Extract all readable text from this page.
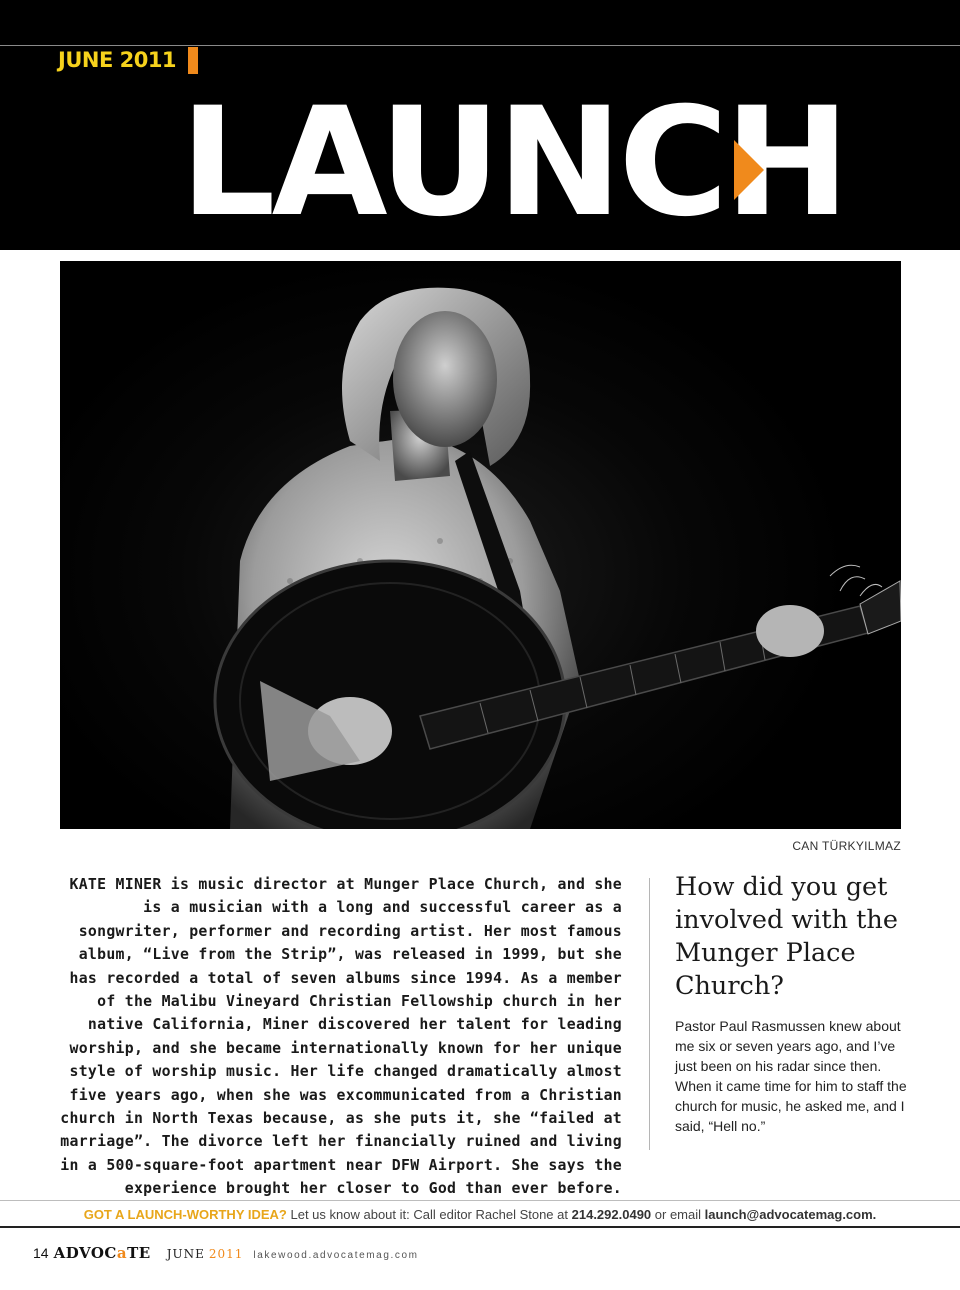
JUNE 2011
LAUNCH
CAN TÜRKYILMAZ
KATE MINER is music director at Munger Place Church, and she is a musician with a long and successful career as a songwriter, performer and recording artist. Her most famous album, “Live from the Strip”, was released in 1999, but she has recorded a total of seven albums since 1994. As a member of the Malibu Vineyard Christian Fellowship church in her native California, Miner discovered her talent for leading worship, and she became internationally known for her unique style of worship music. Her life changed dramatically almost five years ago, when she was excommunicated from a Christian church in North Texas because, as she puts it, she “failed at marriage”. The divorce left her financially ruined and living in a 500-square-foot apartment near DFW Airport. She says the experience brought her closer to God than ever before.
How did you get involved with the Munger Place Church?
Pastor Paul Rasmussen knew about me six or seven years ago, and I’ve just been on his radar since then. When it came time for him to staff the church for music, he asked me, and I said, “Hell no.”
GOT A LAUNCH-WORTHY IDEA? Let us know about it: Call editor Rachel Stone at 214.292.0490 or email launch@advocatemag.com.
14 ADVOCaTE JUNE 2011 lakewood.advocatemag.com
